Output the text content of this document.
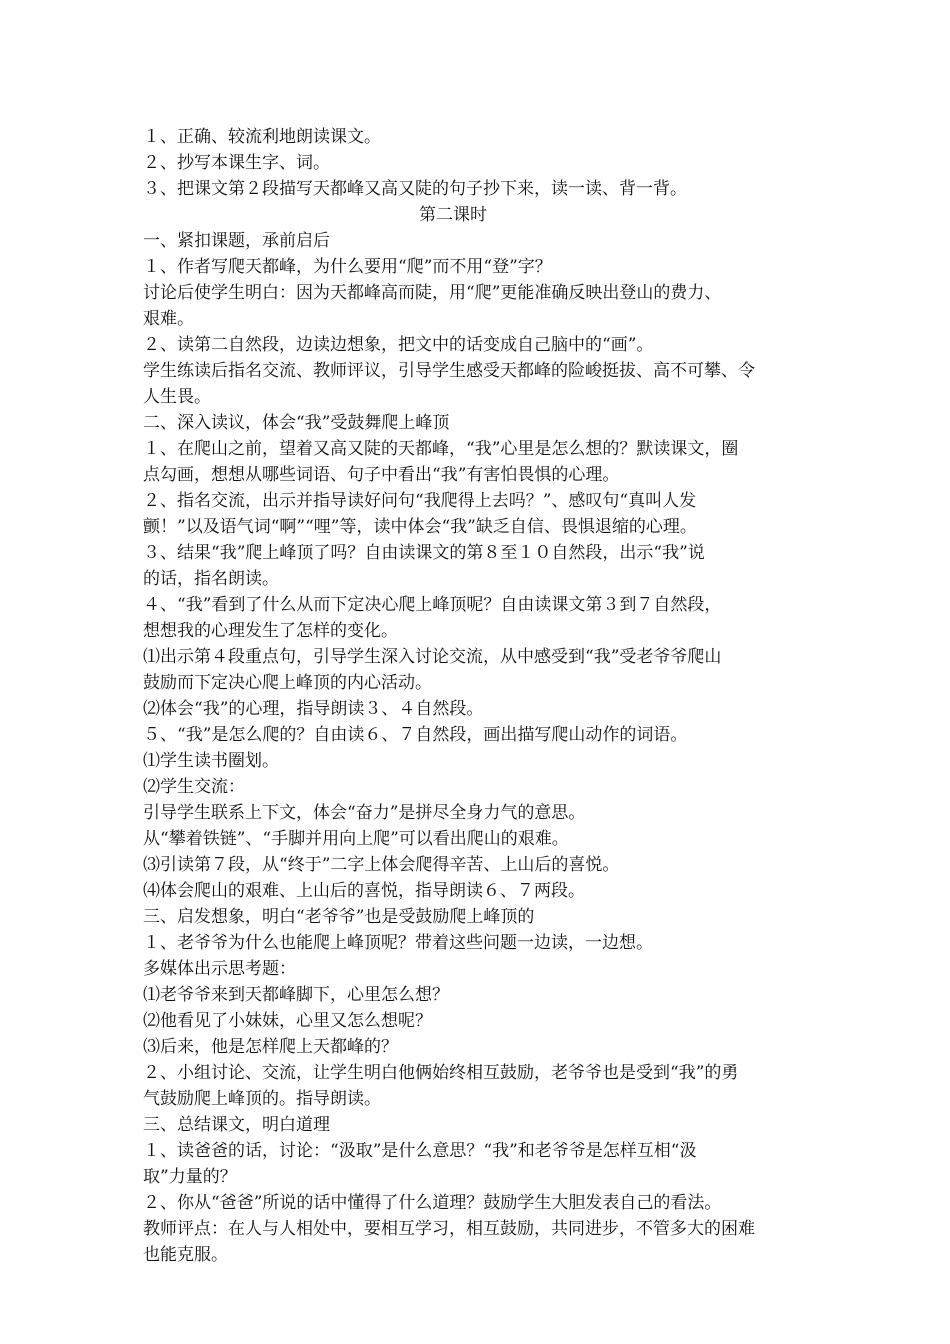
１、正确、较流利地朗读课文。
２、抄写本课生字、词。
３、把课文第２段描写天都峰又高又陡的句子抄下来，读一读、背一背。
第二课时
一、紧扣课题，承前启后
１、作者写爬天都峰，为什么要用“爬”而不用“登”字？
讨论后使学生明白：因为天都峰高而陡，用“爬”更能准确反映出登山的费力、
艰难。
２、读第二自然段，边读边想象，把文中的话变成自己脑中的“画”。
学生练读后指名交流、教师评议，引导学生感受天都峰的险峻挺拔、高不可攀、令
人生畏。
二、深入读议，体会“我”受鼓舞爬上峰顶
１、在爬山之前，望着又高又陡的天都峰，“我”心里是怎么想的？默读课文，圈
点勾画，想想从哪些词语、句子中看出“我”有害怕畏惧的心理。
２、指名交流，出示并指导读好问句“我爬得上去吗？”、感叹句“真叫人发
颤！”以及语气词“啊”“哩”等，读中体会“我”缺乏自信、畏惧退缩的心理。
３、结果“我”爬上峰顶了吗？自由读课文的第８至１０自然段，出示“我”说
的话，指名朗读。
４、“我”看到了什么从而下定决心爬上峰顶呢？自由读课文第３到７自然段，
想想我的心理发生了怎样的变化。
⑴出示第４段重点句，引导学生深入讨论交流，从中感受到“我”受老爷爷爬山
鼓励而下定决心爬上峰顶的内心活动。
⑵体会“我”的心理，指导朗读３、４自然段。
５、“我”是怎么爬的？自由读６、７自然段，画出描写爬山动作的词语。
⑴学生读书圈划。
⑵学生交流：
引导学生联系上下文，体会“奋力”是拼尽全身力气的意思。
从“攀着铁链”、“手脚并用向上爬”可以看出爬山的艰难。
⑶引读第７段，从“终于”二字上体会爬得辛苦、上山后的喜悦。
⑷体会爬山的艰难、上山后的喜悦，指导朗读６、７两段。
三、启发想象，明白“老爷爷”也是受鼓励爬上峰顶的
１、老爷爷为什么也能爬上峰顶呢？带着这些问题一边读，一边想。
多媒体出示思考题：
⑴老爷爷来到天都峰脚下，心里怎么想？
⑵他看见了小妹妹，心里又怎么想呢？
⑶后来，他是怎样爬上天都峰的？
２、小组讨论、交流，让学生明白他俩始终相互鼓励，老爷爷也是受到“我”的勇
气鼓励爬上峰顶的。指导朗读。
三、总结课文，明白道理
１、读爸爸的话，讨论：“汲取”是什么意思？“我”和老爷爷是怎样互相“汲
取”力量的？
２、你从“爸爸”所说的话中懂得了什么道理？鼓励学生大胆发表自己的看法。
教师评点：在人与人相处中，要相互学习，相互鼓励，共同进步，不管多大的困难
也能克服。
